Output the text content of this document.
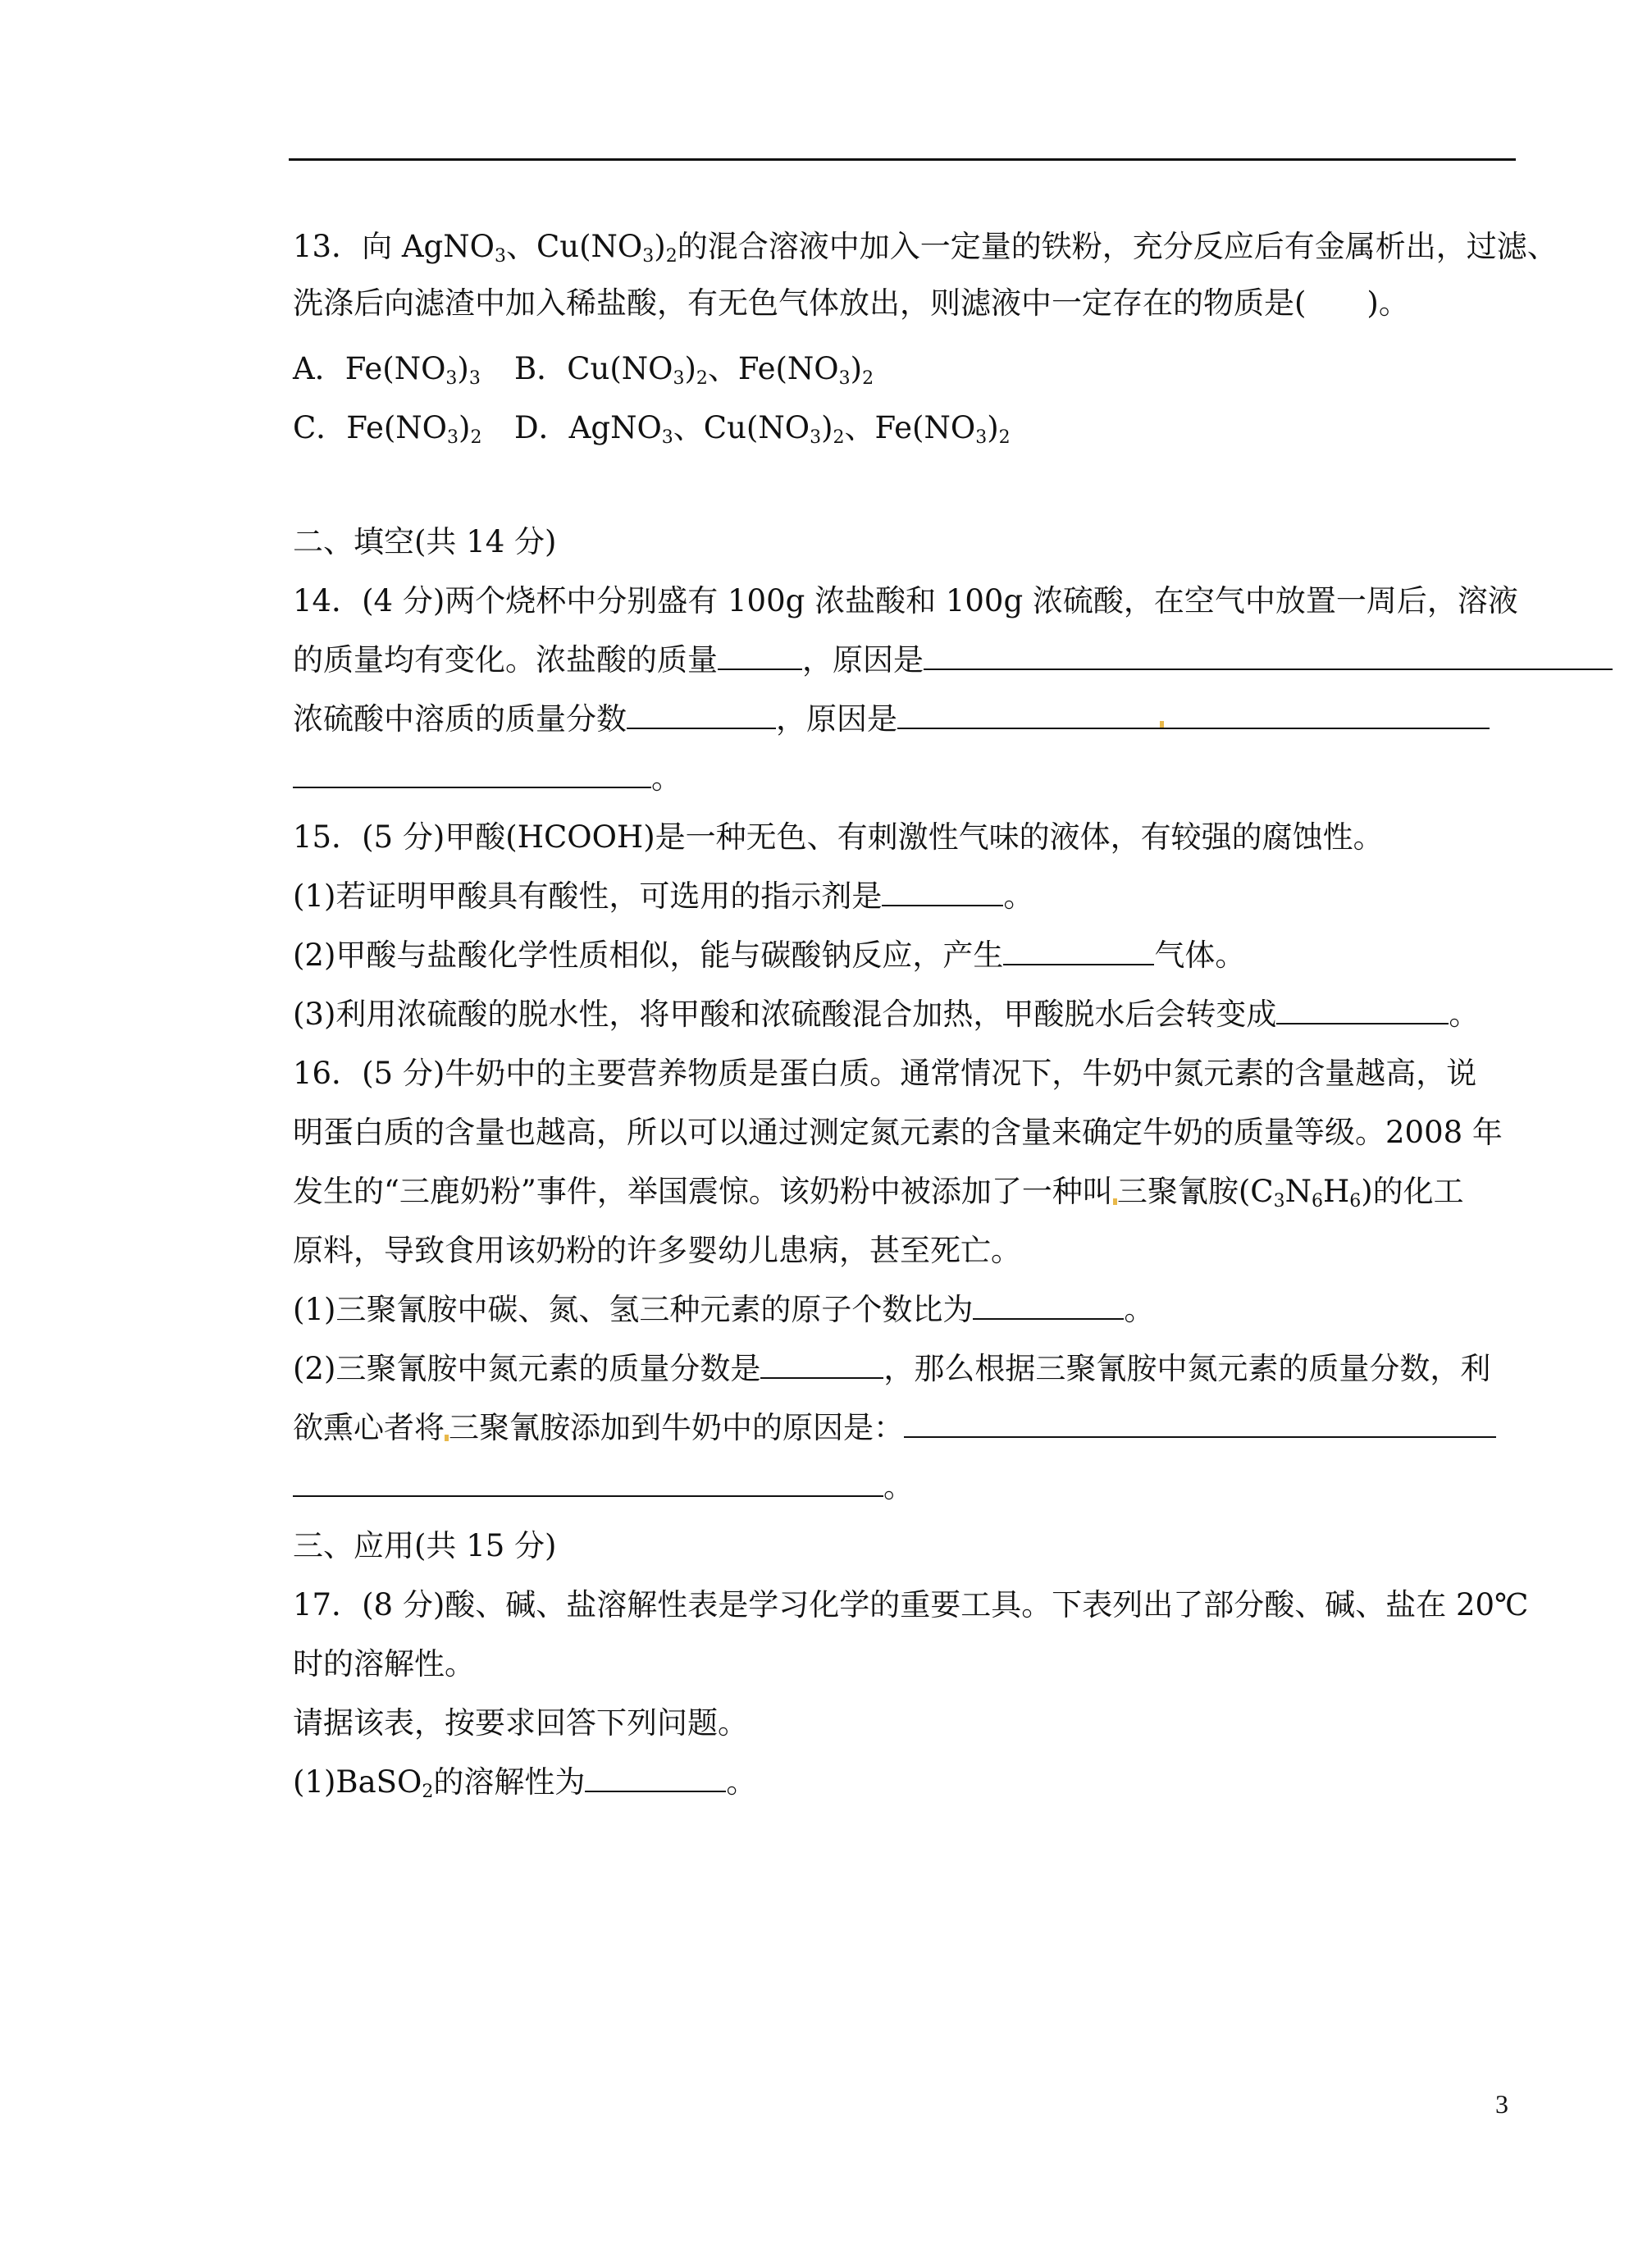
13．向 AgNO$_3$、$Cu(NO_3)_2$的混合溶液中加入一定量的铁粉，充分反应后有金属析出，过滤、
洗涤后向滤渣中加入稀盐酸，有无色气体放出，则滤液中一定存在的物质是(　　)。
A．$Fe(NO_3)_3$ B．$Cu(NO_3)_2$、$Fe(NO_3)_2$
C．$Fe(NO_3)_2$ D．AgNO$_3$、$Cu(NO_3)_2$、$Fe(NO_3)_2$
二、填空(共 14 分)
14．(4 分)两个烧杯中分别盛有 100g 浓盐酸和 100g 浓硫酸，在空气中放置一周后，溶液
的质量均有变化。浓盐酸的质量	，原因是
浓硫酸中溶质的质量分数	，原因是
。
15．(5 分)甲酸(HCOOH)是一种无色、有刺激性气味的液体，有较强的腐蚀性。
(1)若证明甲酸具有酸性，可选用的指示剂是	。
(2)甲酸与盐酸化学性质相似，能与碳酸钠反应，产生	气体。
(3)利用浓硫酸的脱水性，将甲酸和浓硫酸混合加热，甲酸脱水后会转变成	。
16．(5 分)牛奶中的主要营养物质是蛋白质。通常情况下，牛奶中氮元素的含量越高，说
明蛋白质的含量也越高，所以可以通过测定氮元素的含量来确定牛奶的质量等级。2008 年
发生的“三鹿奶粉”事件，举国震惊。该奶粉中被添加了一种叫 三聚氰胺$(C_3N_6H_6)$的化工
原料，导致食用该奶粉的许多婴幼儿患病，甚至死亡。
(1)三聚氰胺中碳、氮、氢三种元素的原子个数比为	。
(2)三聚氰胺中氮元素的质量分数是	，那么根据三聚氰胺中氮元素的质量分数，利
欲熏心者将 三聚氰胺添加到牛奶中的原因是：
。
三、应用(共 15 分)
17．(8 分)酸、碱、盐溶解性表是学习化学的重要工具。下表列出了部分酸、碱、盐在 20℃
时的溶解性。
请据该表，按要求回答下列问题。
(1)BaSO$_2$的溶解性为	。
3
